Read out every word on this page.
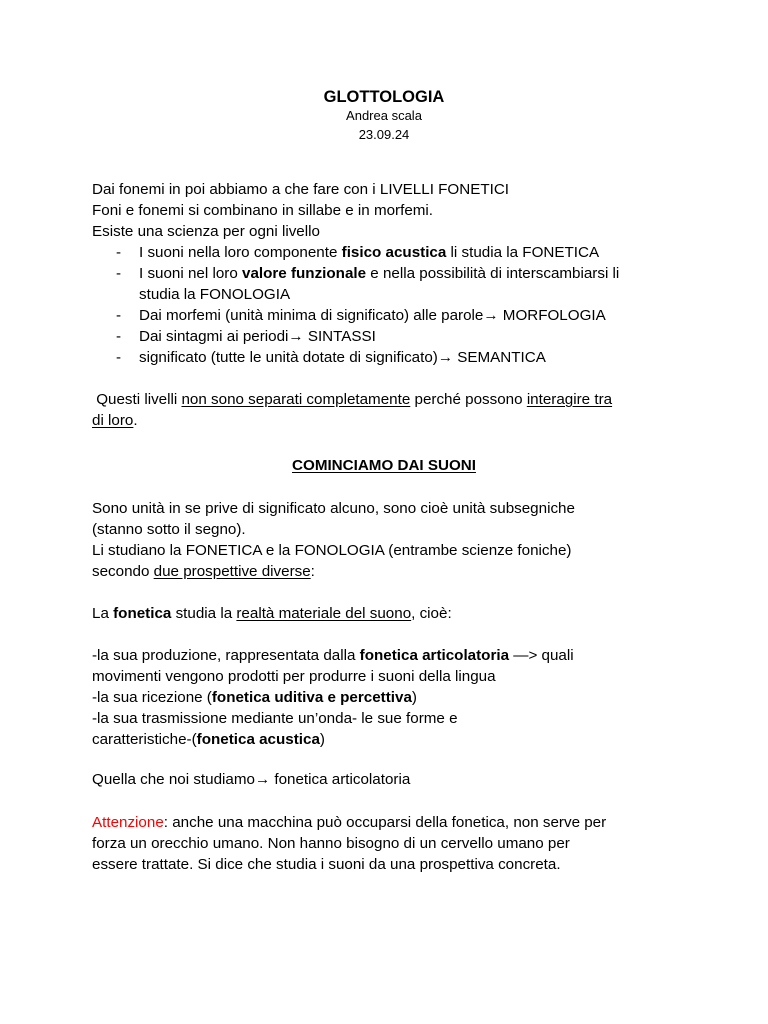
GLOTTOLOGIA
Andrea scala
23.09.24
Dai fonemi in poi abbiamo a che fare con i LIVELLI FONETICI
Foni e fonemi si combinano in sillabe e in morfemi.
Esiste una scienza per ogni livello
- I suoni nella loro componente fisico acustica li studia la FONETICA
- I suoni nel loro valore funzionale e nella possibilità di interscambiarsi li
studia la FONOLOGIA
- Dai morfemi (unità minima di significato) alle parole→ MORFOLOGIA
- Dai sintagmi ai periodi→ SINTASSI
- significato (tutte le unità dotate di significato)→ SEMANTICA
Questi livelli non sono separati completamente perché possono interagire tra
di loro.
COMINCIAMO DAI SUONI
Sono unità in se prive di significato alcuno, sono cioè unità subsegniche
(stanno sotto il segno).
Li studiano la FONETICA e la FONOLOGIA (entrambe scienze foniche)
secondo due prospettive diverse:
La fonetica studia la realtà materiale del suono, cioè:
-la sua produzione, rappresentata dalla fonetica articolatoria —> quali
movimenti vengono prodotti per produrre i suoni della lingua
-la sua ricezione (fonetica uditiva e percettiva)
-la sua trasmissione mediante un’onda- le sue forme e
caratteristiche-(fonetica acustica)
Quella che noi studiamo→ fonetica articolatoria
Attenzione: anche una macchina può occuparsi della fonetica, non serve per
forza un orecchio umano. Non hanno bisogno di un cervello umano per
essere trattate. Si dice che studia i suoni da una prospettiva concreta.
